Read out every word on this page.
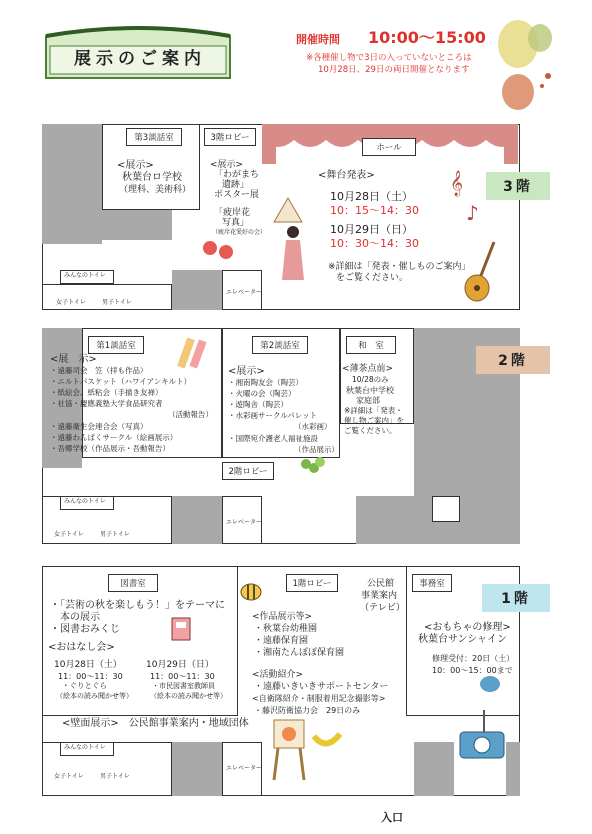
展示のご案内
開催時間 10:00〜15:00
※各種催し物で3日の入っていないところは
10月28日、29日の両日開催となります
第3談話室	3階ロビー
<展示>
秋葉台ロ学校
（理科、美術科）
<展示>
「わがまち
遺跡」
ポスター展
「疲岸花
写真」
（疲岸花愛好の会）
ホール
<舞台発表>
10月28日（土）
10：15〜14：30
10月29日（日）
10：30〜14：30
※詳細は「発表・催しものご案内」
をご覧ください。
3階
𝄞
♪
みんなのトイレ
女子トイレ	男子トイレ
エレベーター
第1談話室	第2談話室	和　室
2階
<展　示>
・遠藤司会　笠（拝も作品）
・ニルトパスケット（ハワイアンキルト）
・紙絵会、紙粘会（手描き友禅）
・社協・慶應義塾大学食品研究者
（活動報告）
・遠藤衛生会連合会（写真）
・遠藤わんぱくサークル（絵画展示）
・吾郷学校（作品展示・吾動報告）
<展示>
・湘南陶友会（陶芸）
・火曜の会（陶芸）
・遊陶舎（陶芸）
・水彩画サークルパレット
（水彩画）
・国際宛介護老人福祉施設
（作品展示）
<薄茶点前>
10/28のみ
秋葉台中学校
家庭部
※詳細は「発表・
催し物ご案内」を
ご覧ください。
2階ロビー
みんなのトイレ
女子トイレ	男子トイレ
エレベーター
図書室	1階ロビー	事務室
1階
公民館
事業案内
（テレビ）
・「芸術の秋を楽しもう！」をテーマに
本の展示
・図書おみくじ
<おはなし会>
10月28日（土）
11：00〜11：30
・ぐりとぐら
（絵本の読み聞かせ等）
10月29日（日）
11：00〜11：30
・市民図書室教師員
（絵本の読み聞かせ等）
<作品展示等>
・秋葉台幼稚園
・遠藤保育園
・湘南たんぽぽ保育園
<活動紹介>
・遠藤いきいきサポートセンター
<自衛隊紹介・制服着用記念撮影等>
・藤沢防衛協力会　29日のみ
<おもちゃの修理>
秋葉台サンシャイン
修理受付：20日（土）
10：00〜15：00まで
<壁面展示>　公民館事業案内・地域団体
みんなのトイレ
女子トイレ	男子トイレ
エレベーター
入口
